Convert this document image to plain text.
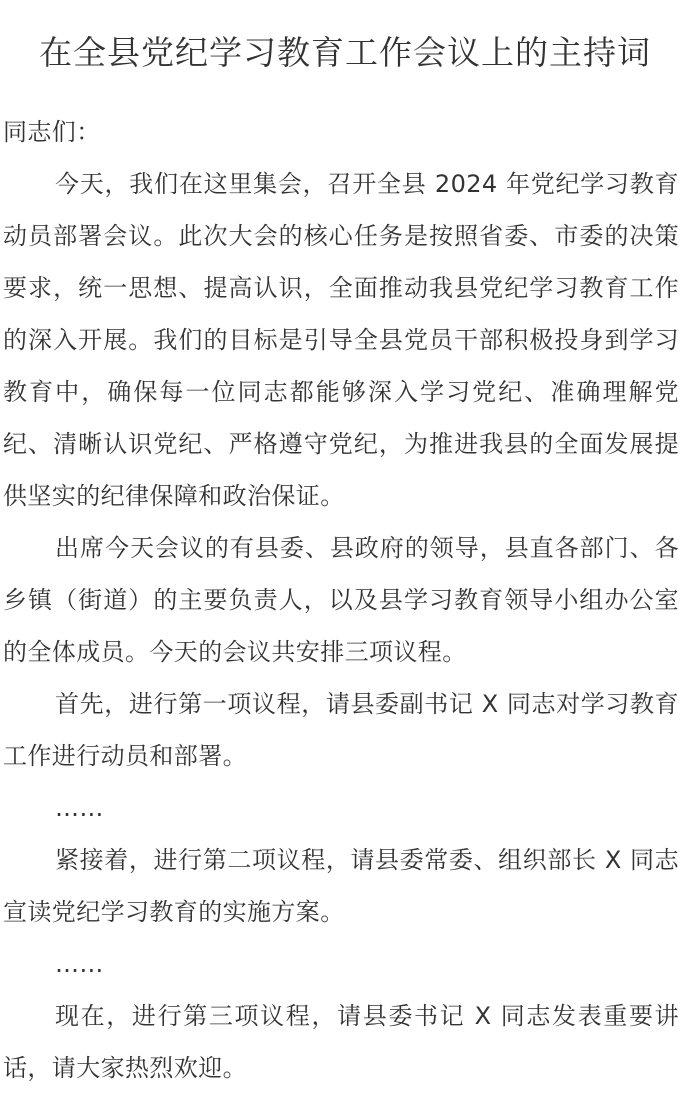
在全县党纪学习教育工作会议上的主持词

同志们：

今天，我们在这里集会，召开全县 2024 年党纪学习教育动员部署会议。此次大会的核心任务是按照省委、市委的决策要求，统一思想、提高认识，全面推动我县党纪学习教育工作的深入开展。我们的目标是引导全县党员干部积极投身到学习教育中，确保每一位同志都能够深入学习党纪、准确理解党纪、清晰认识党纪、严格遵守党纪，为推进我县的全面发展提供坚实的纪律保障和政治保证。

出席今天会议的有县委、县政府的领导，县直各部门、各乡镇（街道）的主要负责人，以及县学习教育领导小组办公室的全体成员。今天的会议共安排三项议程。

首先，进行第一项议程，请县委副书记 X 同志对学习教育工作进行动员和部署。

……

紧接着，进行第二项议程，请县委常委、组织部长 X 同志宣读党纪学习教育的实施方案。

……

现在，进行第三项议程，请县委书记 X 同志发表重要讲话，请大家热烈欢迎。
